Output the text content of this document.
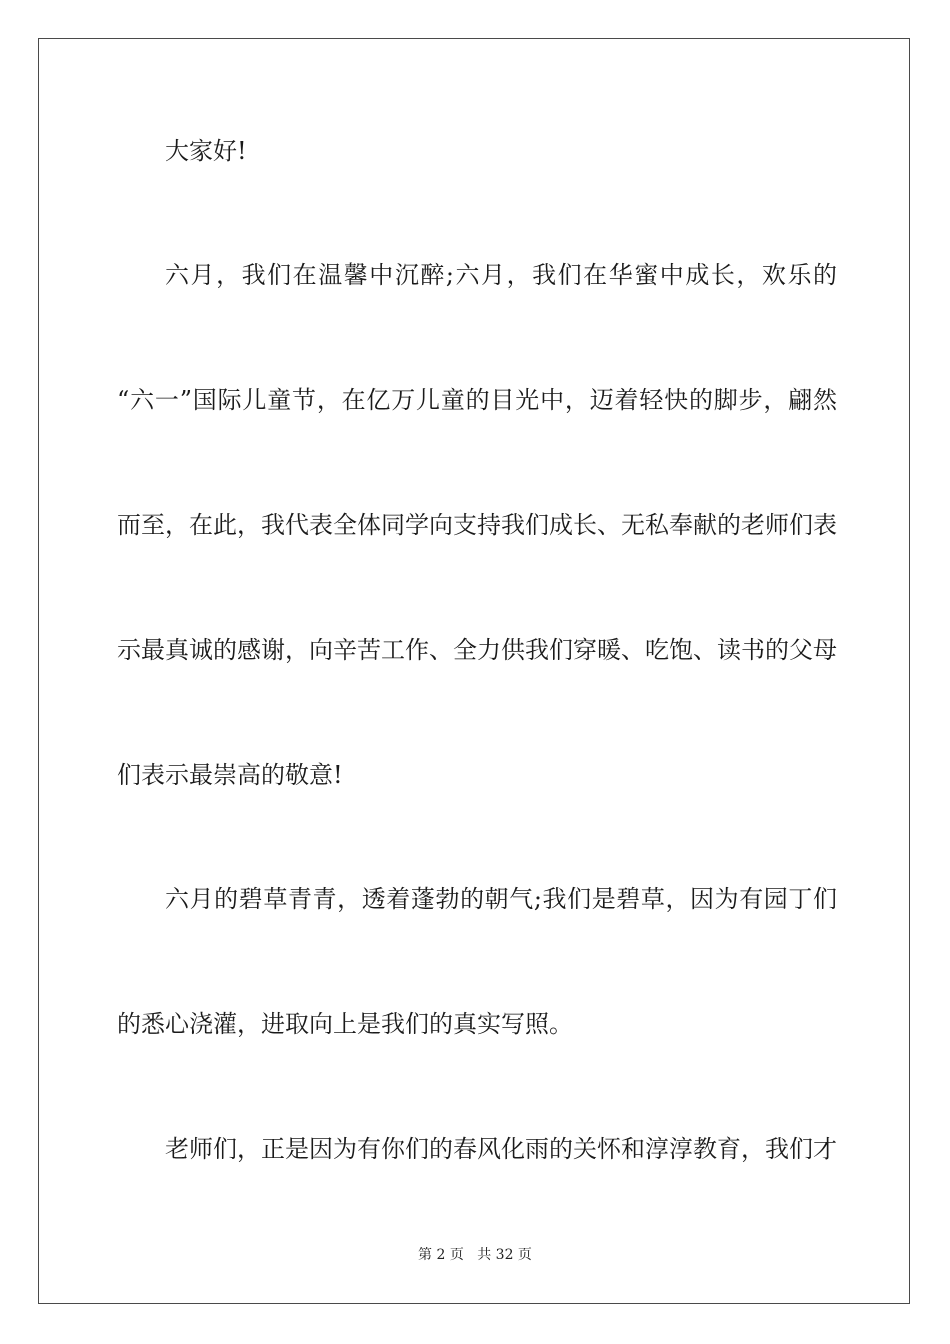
大家好!
六月，我们在温馨中沉醉;六月，我们在华蜜中成长，欢乐的
“六一”国际儿童节，在亿万儿童的目光中，迈着轻快的脚步，翩然
而至，在此，我代表全体同学向支持我们成长、无私奉献的老师们表
示最真诚的感谢，向辛苦工作、全力供我们穿暖、吃饱、读书的父母
们表示最崇高的敬意!
六月的碧草青青，透着蓬勃的朝气;我们是碧草，因为有园丁们
的悉心浇灌，进取向上是我们的真实写照。
老师们，正是因为有你们的春风化雨的关怀和淳淳教育，我们才
第 2 页 共 32 页
